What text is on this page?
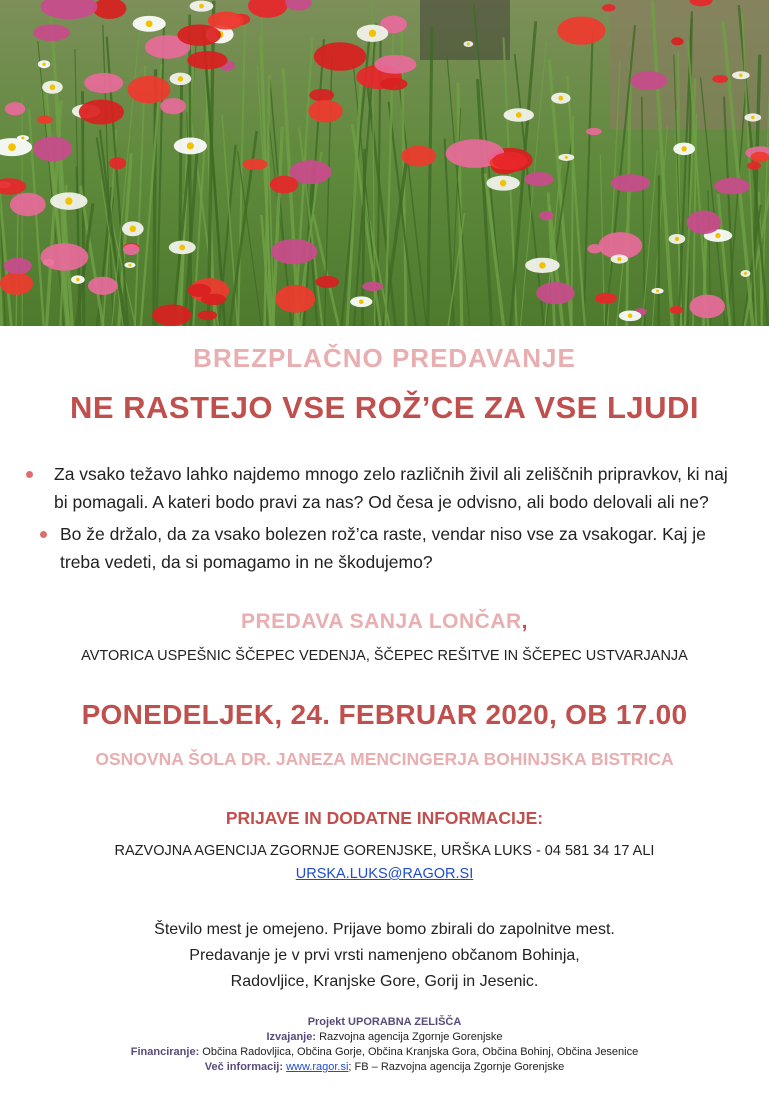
BREZPLAČNO PREDAVANJE
NE RASTEJO VSE ROŽ’CE ZA VSE LJUDI
Za vsako težavo lahko najdemo mnogo zelo različnih živil ali zeliščnih pripravkov, ki naj bi pomagali. A kateri bodo pravi za nas? Od česa je odvisno, ali bodo delovali ali ne?
Bo že držalo, da za vsako bolezen rož’ca raste, vendar niso vse za vsakogar. Kaj je treba vedeti, da si pomagamo in ne škodujemo?
PREDAVA SANJA LONČAR,
AVTORICA USPEŠNIC ŠČEPEC VEDENJA, ŠČEPEC REŠITVE IN ŠČEPEC USTVARJANJA
PONEDELJEK, 24. FEBRUAR 2020, OB 17.00
OSNOVNA ŠOLA DR. JANEZA MENCINGERJA BOHINJSKA BISTRICA
PRIJAVE IN DODATNE INFORMACIJE:
RAZVOJNA AGENCIJA ZGORNJE GORENJSKE, URŠKA LUKS - 04 581 34 17 ALI
URSKA.LUKS@RAGOR.SI
Število mest je omejeno. Prijave bomo zbirali do zapolnitve mest.
Predavanje je v prvi vrsti namenjeno občanom Bohinja,
Radovljice, Kranjske Gore, Gorij in Jesenic.
Projekt UPORABNA ZELIŠČA
Izvajanje: Razvojna agencija Zgornje Gorenjske
Financiranje: Občina Radovljica, Občina Gorje, Občina Kranjska Gora, Občina Bohinj, Občina Jesenice
Več informacij: www.ragor.si; FB – Razvojna agencija Zgornje Gorenjske
